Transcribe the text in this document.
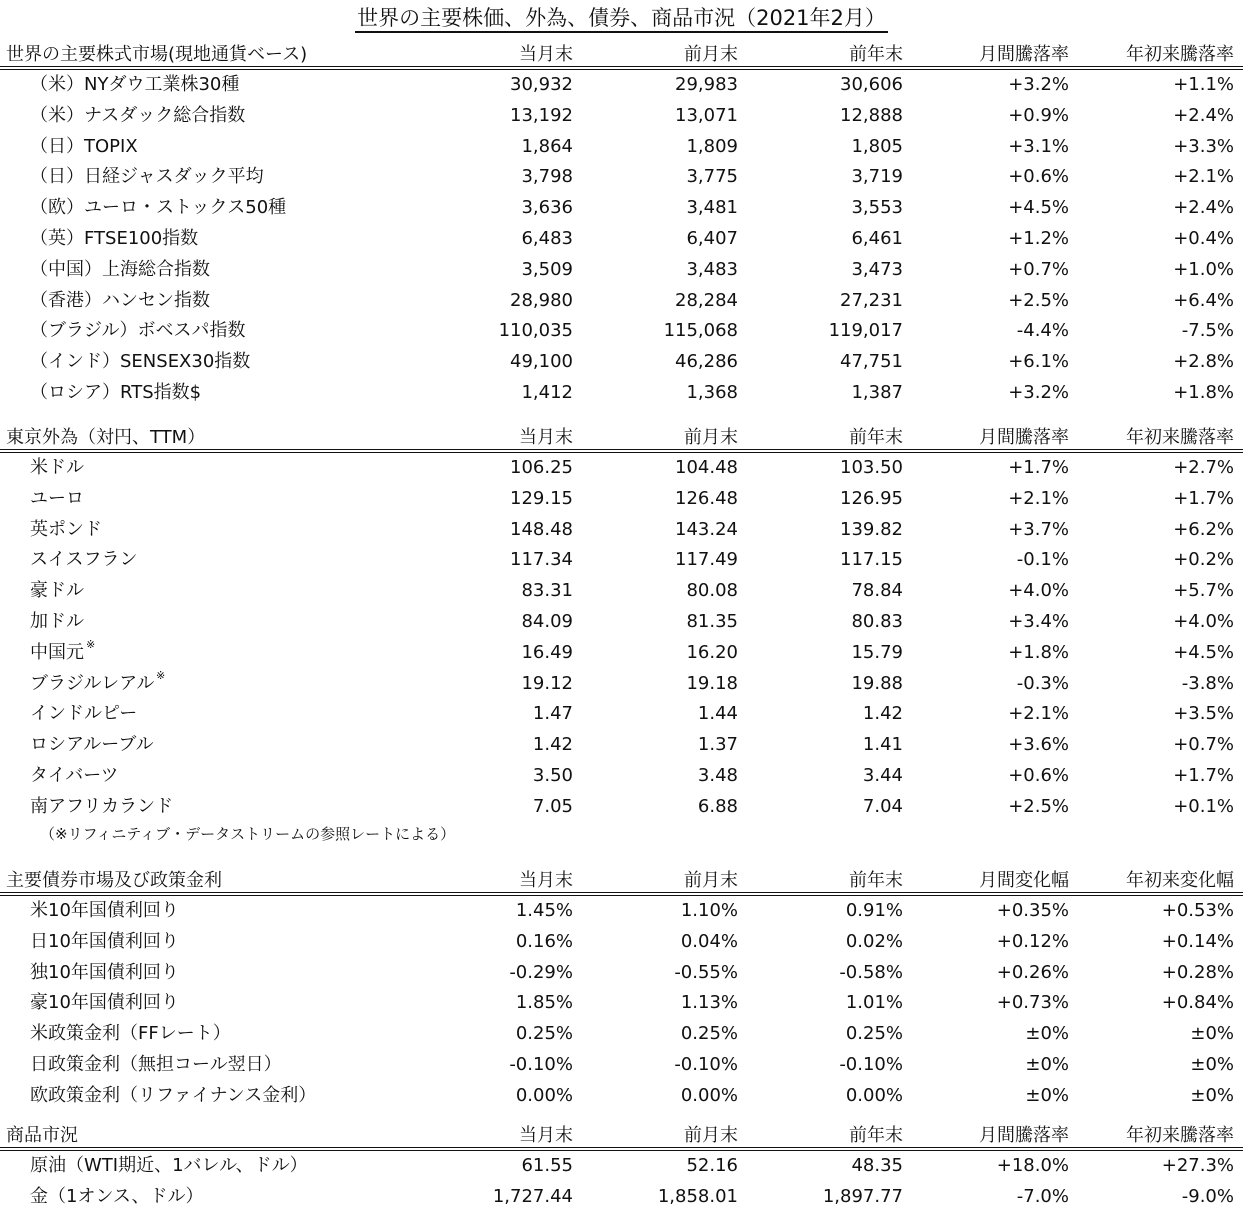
世界の主要株価、外為、債券、商品市況（2021年2月）
世界の主要株式市場(現地通貨ベース)	当月末	前月末	前年末	月間騰落率	年初来騰落率
（米）NYダウ工業株30種	30,932	29,983	30,606	+3.2%	+1.1%
（米）ナスダック総合指数	13,192	13,071	12,888	+0.9%	+2.4%
（日）TOPIX	1,864	1,809	1,805	+3.1%	+3.3%
（日）日経ジャスダック平均	3,798	3,775	3,719	+0.6%	+2.1%
（欧）ユーロ・ストックス50種	3,636	3,481	3,553	+4.5%	+2.4%
（英）FTSE100指数	6,483	6,407	6,461	+1.2%	+0.4%
（中国）上海総合指数	3,509	3,483	3,473	+0.7%	+1.0%
（香港）ハンセン指数	28,980	28,284	27,231	+2.5%	+6.4%
（ブラジル）ボベスパ指数	110,035	115,068	119,017	-4.4%	-7.5%
（インド）SENSEX30指数	49,100	46,286	47,751	+6.1%	+2.8%
（ロシア）RTS指数$	1,412	1,368	1,387	+3.2%	+1.8%
東京外為（対円、TTM）	当月末	前月末	前年末	月間騰落率	年初来騰落率
米ドル	106.25	104.48	103.50	+1.7%	+2.7%
ユーロ	129.15	126.48	126.95	+2.1%	+1.7%
英ポンド	148.48	143.24	139.82	+3.7%	+6.2%
スイスフラン	117.34	117.49	117.15	-0.1%	+0.2%
豪ドル	83.31	80.08	78.84	+4.0%	+5.7%
加ドル	84.09	81.35	80.83	+3.4%	+4.0%
中国元 ※	16.49	16.20	15.79	+1.8%	+4.5%
ブラジルレアル ※	19.12	19.18	19.88	-0.3%	-3.8%
インドルピー	1.47	1.44	1.42	+2.1%	+3.5%
ロシアルーブル	1.42	1.37	1.41	+3.6%	+0.7%
タイバーツ	3.50	3.48	3.44	+0.6%	+1.7%
南アフリカランド	7.05	6.88	7.04	+2.5%	+0.1%
（※リフィニティブ・データストリームの参照レートによる）
主要債券市場及び政策金利	当月末	前月末	前年末	月間変化幅	年初来変化幅
米10年国債利回り	1.45%	1.10%	0.91%	+0.35%	+0.53%
日10年国債利回り	0.16%	0.04%	0.02%	+0.12%	+0.14%
独10年国債利回り	-0.29%	-0.55%	-0.58%	+0.26%	+0.28%
豪10年国債利回り	1.85%	1.13%	1.01%	+0.73%	+0.84%
米政策金利（FFレート）	0.25%	0.25%	0.25%	±0%	±0%
日政策金利（無担コール翌日）	-0.10%	-0.10%	-0.10%	±0%	±0%
欧政策金利（リファイナンス金利）	0.00%	0.00%	0.00%	±0%	±0%
商品市況	当月末	前月末	前年末	月間騰落率	年初来騰落率
原油（WTI期近、1バレル、ドル）	61.55	52.16	48.35	+18.0%	+27.3%
金（1オンス、ドル）	1,727.44	1,858.01	1,897.77	-7.0%	-9.0%
